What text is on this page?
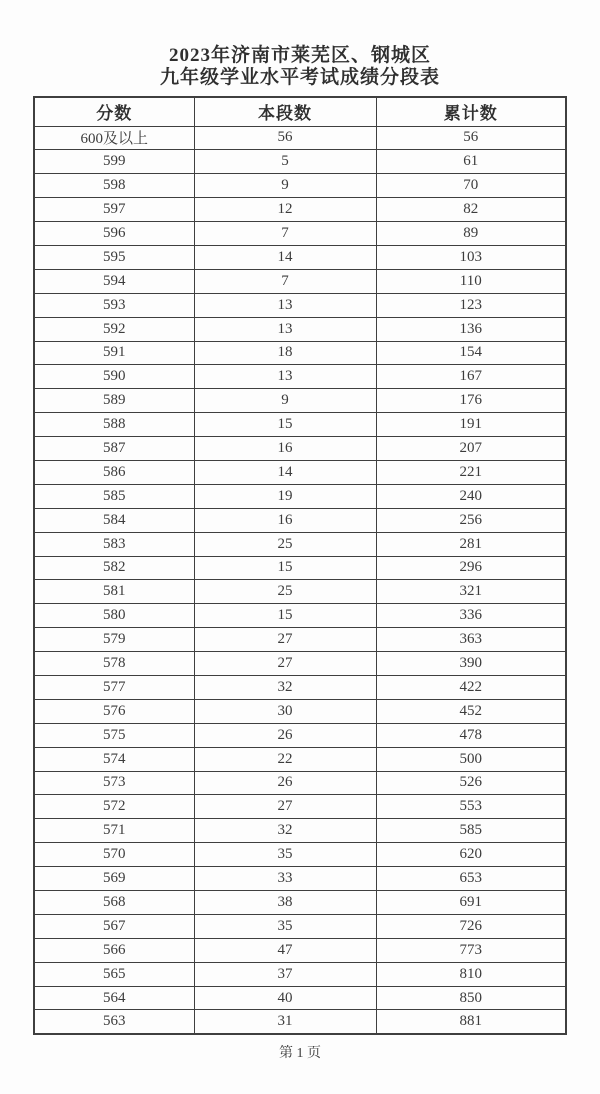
2023年济南市莱芜区、钢城区
九年级学业水平考试成绩分段表
分数	本段数	累计数
600及以上	56	56
599	5	61
598	9	70
597	12	82
596	7	89
595	14	103
594	7	110
593	13	123
592	13	136
591	18	154
590	13	167
589	9	176
588	15	191
587	16	207
586	14	221
585	19	240
584	16	256
583	25	281
582	15	296
581	25	321
580	15	336
579	27	363
578	27	390
577	32	422
576	30	452
575	26	478
574	22	500
573	26	526
572	27	553
571	32	585
570	35	620
569	33	653
568	38	691
567	35	726
566	47	773
565	37	810
564	40	850
563	31	881
第 1 页
